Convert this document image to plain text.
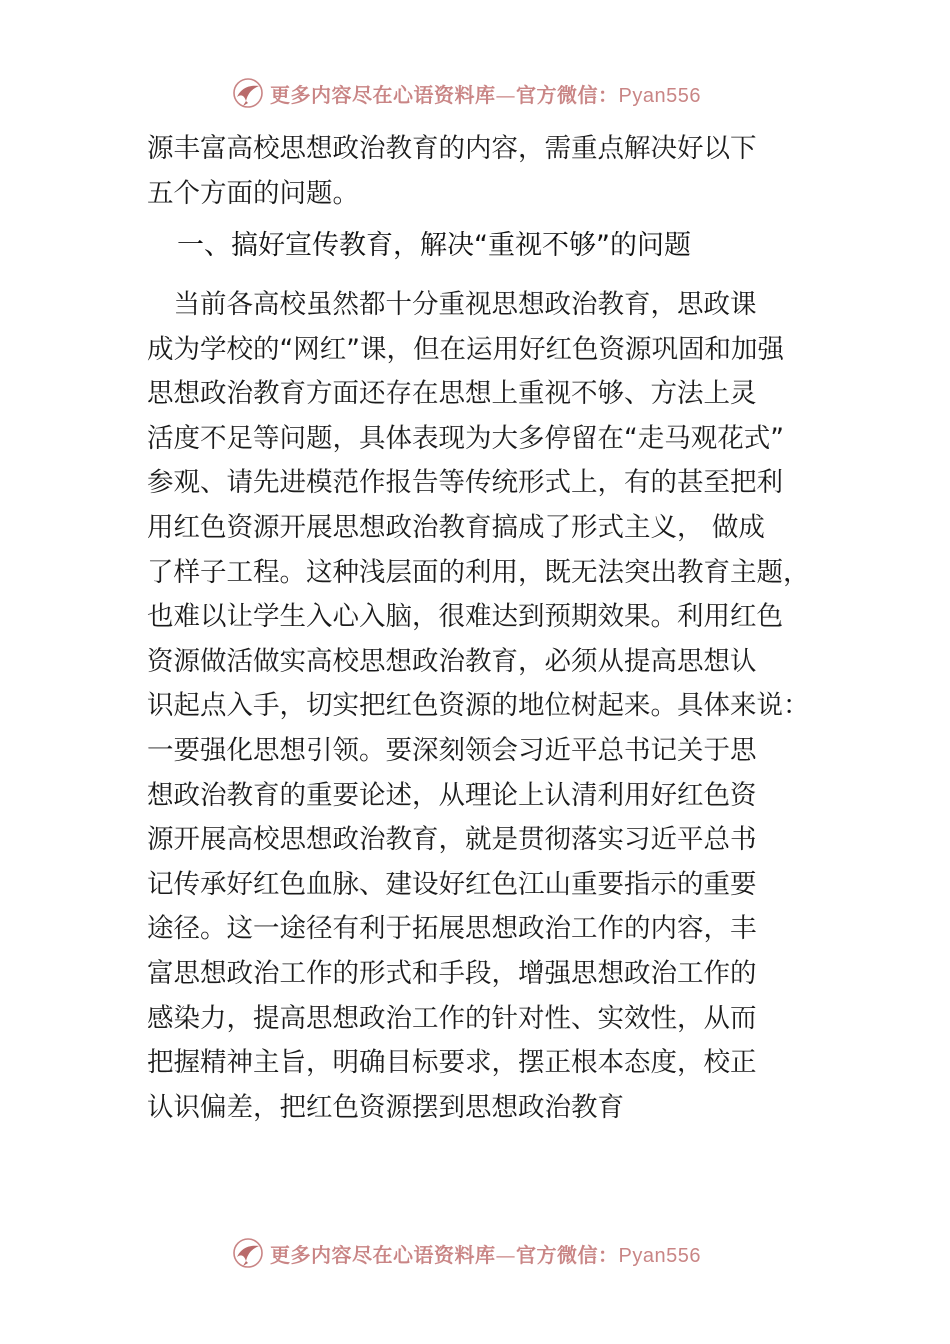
更多内容尽在心语资料库—官方微信：Pyan556
源丰富高校思想政治教育的内容，需重点解决好以下
五个方面的问题。
一、搞好宣传教育，解决“重视不够”的问题
　当前各高校虽然都十分重视思想政治教育，思政课
成为学校的“网红”课，但在运用好红色资源巩固和加强
思想政治教育方面还存在思想上重视不够、方法上灵
活度不足等问题，具体表现为大多停留在“走马观花式”
参观、请先进模范作报告等传统形式上，有的甚至把利
用红色资源开展思想政治教育搞成了形式主义， 做成
了样子工程。这种浅层面的利用，既无法突出教育主题，
也难以让学生入心入脑，很难达到预期效果。利用红色
资源做活做实高校思想政治教育，必须从提高思想认
识起点入手，切实把红色资源的地位树起来。具体来说：
一要强化思想引领。要深刻领会习近平总书记关于思
想政治教育的重要论述，从理论上认清利用好红色资
源开展高校思想政治教育，就是贯彻落实习近平总书
记传承好红色血脉、建设好红色江山重要指示的重要
途径。这一途径有利于拓展思想政治工作的内容，丰
富思想政治工作的形式和手段，增强思想政治工作的
感染力，提高思想政治工作的针对性、实效性，从而
把握精神主旨，明确目标要求，摆正根本态度，校正
认识偏差，把红色资源摆到思想政治教育
更多内容尽在心语资料库—官方微信：Pyan556
